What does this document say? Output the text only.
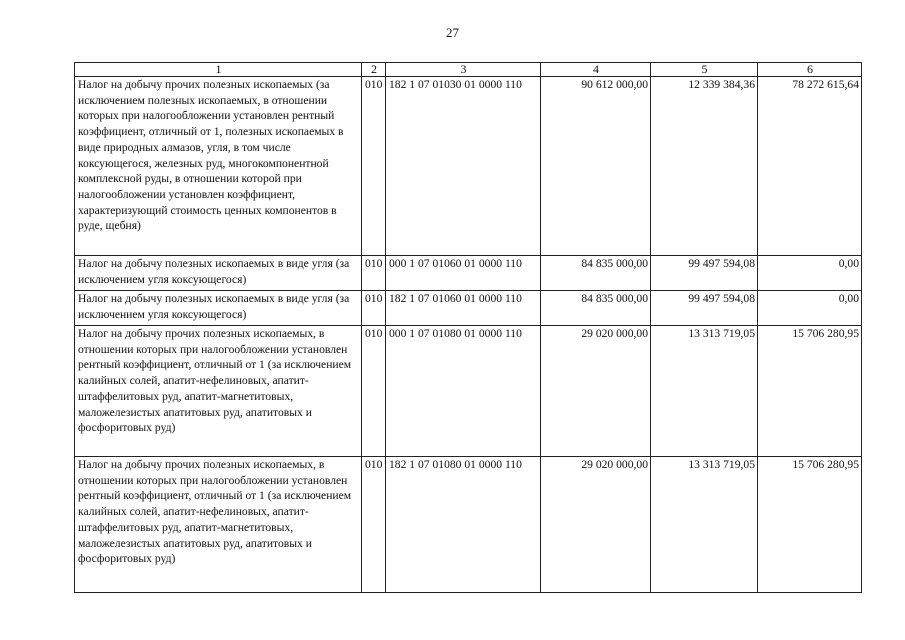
27
1	2	3	4	5	6
Налог на добычу прочих полезных ископаемых (за исключением полезных ископаемых, в отношении которых при налогообложении установлен рентный коэффициент, отличный от 1, полезных ископаемых в виде природных алмазов, угля, в том числе коксующегося, железных руд, многокомпонентной комплексной руды, в отношении которой при налогообложении установлен коэффициент, характеризующий стоимость ценных компонентов в руде, щебня)	010	182 1 07 01030 01 0000 110	90 612 000,00	12 339 384,36	78 272 615,64
Налог на добычу полезных ископаемых в виде угля (за исключением угля коксующегося)	010	000 1 07 01060 01 0000 110	84 835 000,00	99 497 594,08	0,00
Налог на добычу полезных ископаемых в виде угля (за исключением угля коксующегося)	010	182 1 07 01060 01 0000 110	84 835 000,00	99 497 594,08	0,00
Налог на добычу прочих полезных ископаемых, в отношении которых при налогообложении установлен рентный коэффициент, отличный от 1 (за исключением калийных солей, апатит-нефелиновых, апатит-штаффелитовых руд, апатит-магнетитовых, маложелезистых апатитовых руд, апатитовых и фосфоритовых руд)	010	000 1 07 01080 01 0000 110	29 020 000,00	13 313 719,05	15 706 280,95
Налог на добычу прочих полезных ископаемых, в отношении которых при налогообложении установлен рентный коэффициент, отличный от 1 (за исключением калийных солей, апатит-нефелиновых, апатит-штаффелитовых руд, апатит-магнетитовых, маложелезистых апатитовых руд, апатитовых и фосфоритовых руд)	010	182 1 07 01080 01 0000 110	29 020 000,00	13 313 719,05	15 706 280,95
